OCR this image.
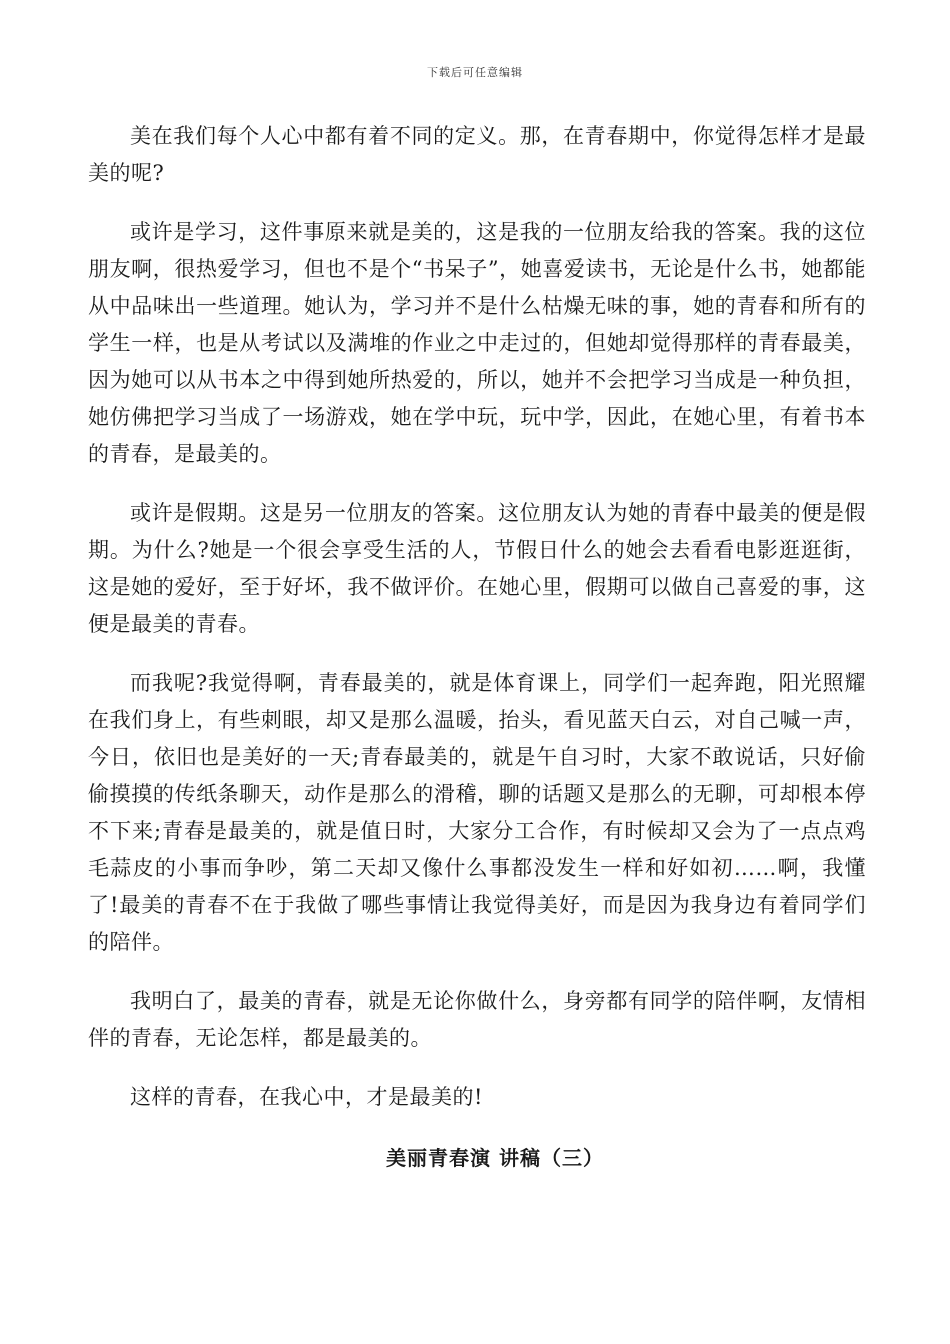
下载后可任意编辑

美在我们每个人心中都有着不同的定义。那，在青春期中，你觉得怎样才是最美的呢?

或许是学习，这件事原来就是美的，这是我的一位朋友给我的答案。我的这位朋友啊，很热爱学习，但也不是个“书呆子”，她喜爱读书，无论是什么书，她都能从中品味出一些道理。她认为，学习并不是什么枯燥无味的事，她的青春和所有的学生一样，也是从考试以及满堆的作业之中走过的，但她却觉得那样的青春最美，因为她可以从书本之中得到她所热爱的，所以，她并不会把学习当成是一种负担，她仿佛把学习当成了一场游戏，她在学中玩，玩中学，因此，在她心里，有着书本的青春，是最美的。

或许是假期。这是另一位朋友的答案。这位朋友认为她的青春中最美的便是假期。为什么?她是一个很会享受生活的人，节假日什么的她会去看看电影逛逛街，这是她的爱好，至于好坏，我不做评价。在她心里，假期可以做自己喜爱的事，这便是最美的青春。

而我呢?我觉得啊，青春最美的，就是体育课上，同学们一起奔跑，阳光照耀在我们身上，有些刺眼，却又是那么温暖，抬头，看见蓝天白云，对自己喊一声，今日，依旧也是美好的一天;青春最美的，就是午自习时，大家不敢说话，只好偷偷摸摸的传纸条聊天，动作是那么的滑稽，聊的话题又是那么的无聊，可却根本停不下来;青春是最美的，就是值日时，大家分工合作，有时候却又会为了一点点鸡毛蒜皮的小事而争吵，第二天却又像什么事都没发生一样和好如初……啊，我懂了!最美的青春不在于我做了哪些事情让我觉得美好，而是因为我身边有着同学们的陪伴。

我明白了，最美的青春，就是无论你做什么，身旁都有同学的陪伴啊，友情相伴的青春，无论怎样，都是最美的。

这样的青春，在我心中，才是最美的!

美丽青春演 讲稿（三）
